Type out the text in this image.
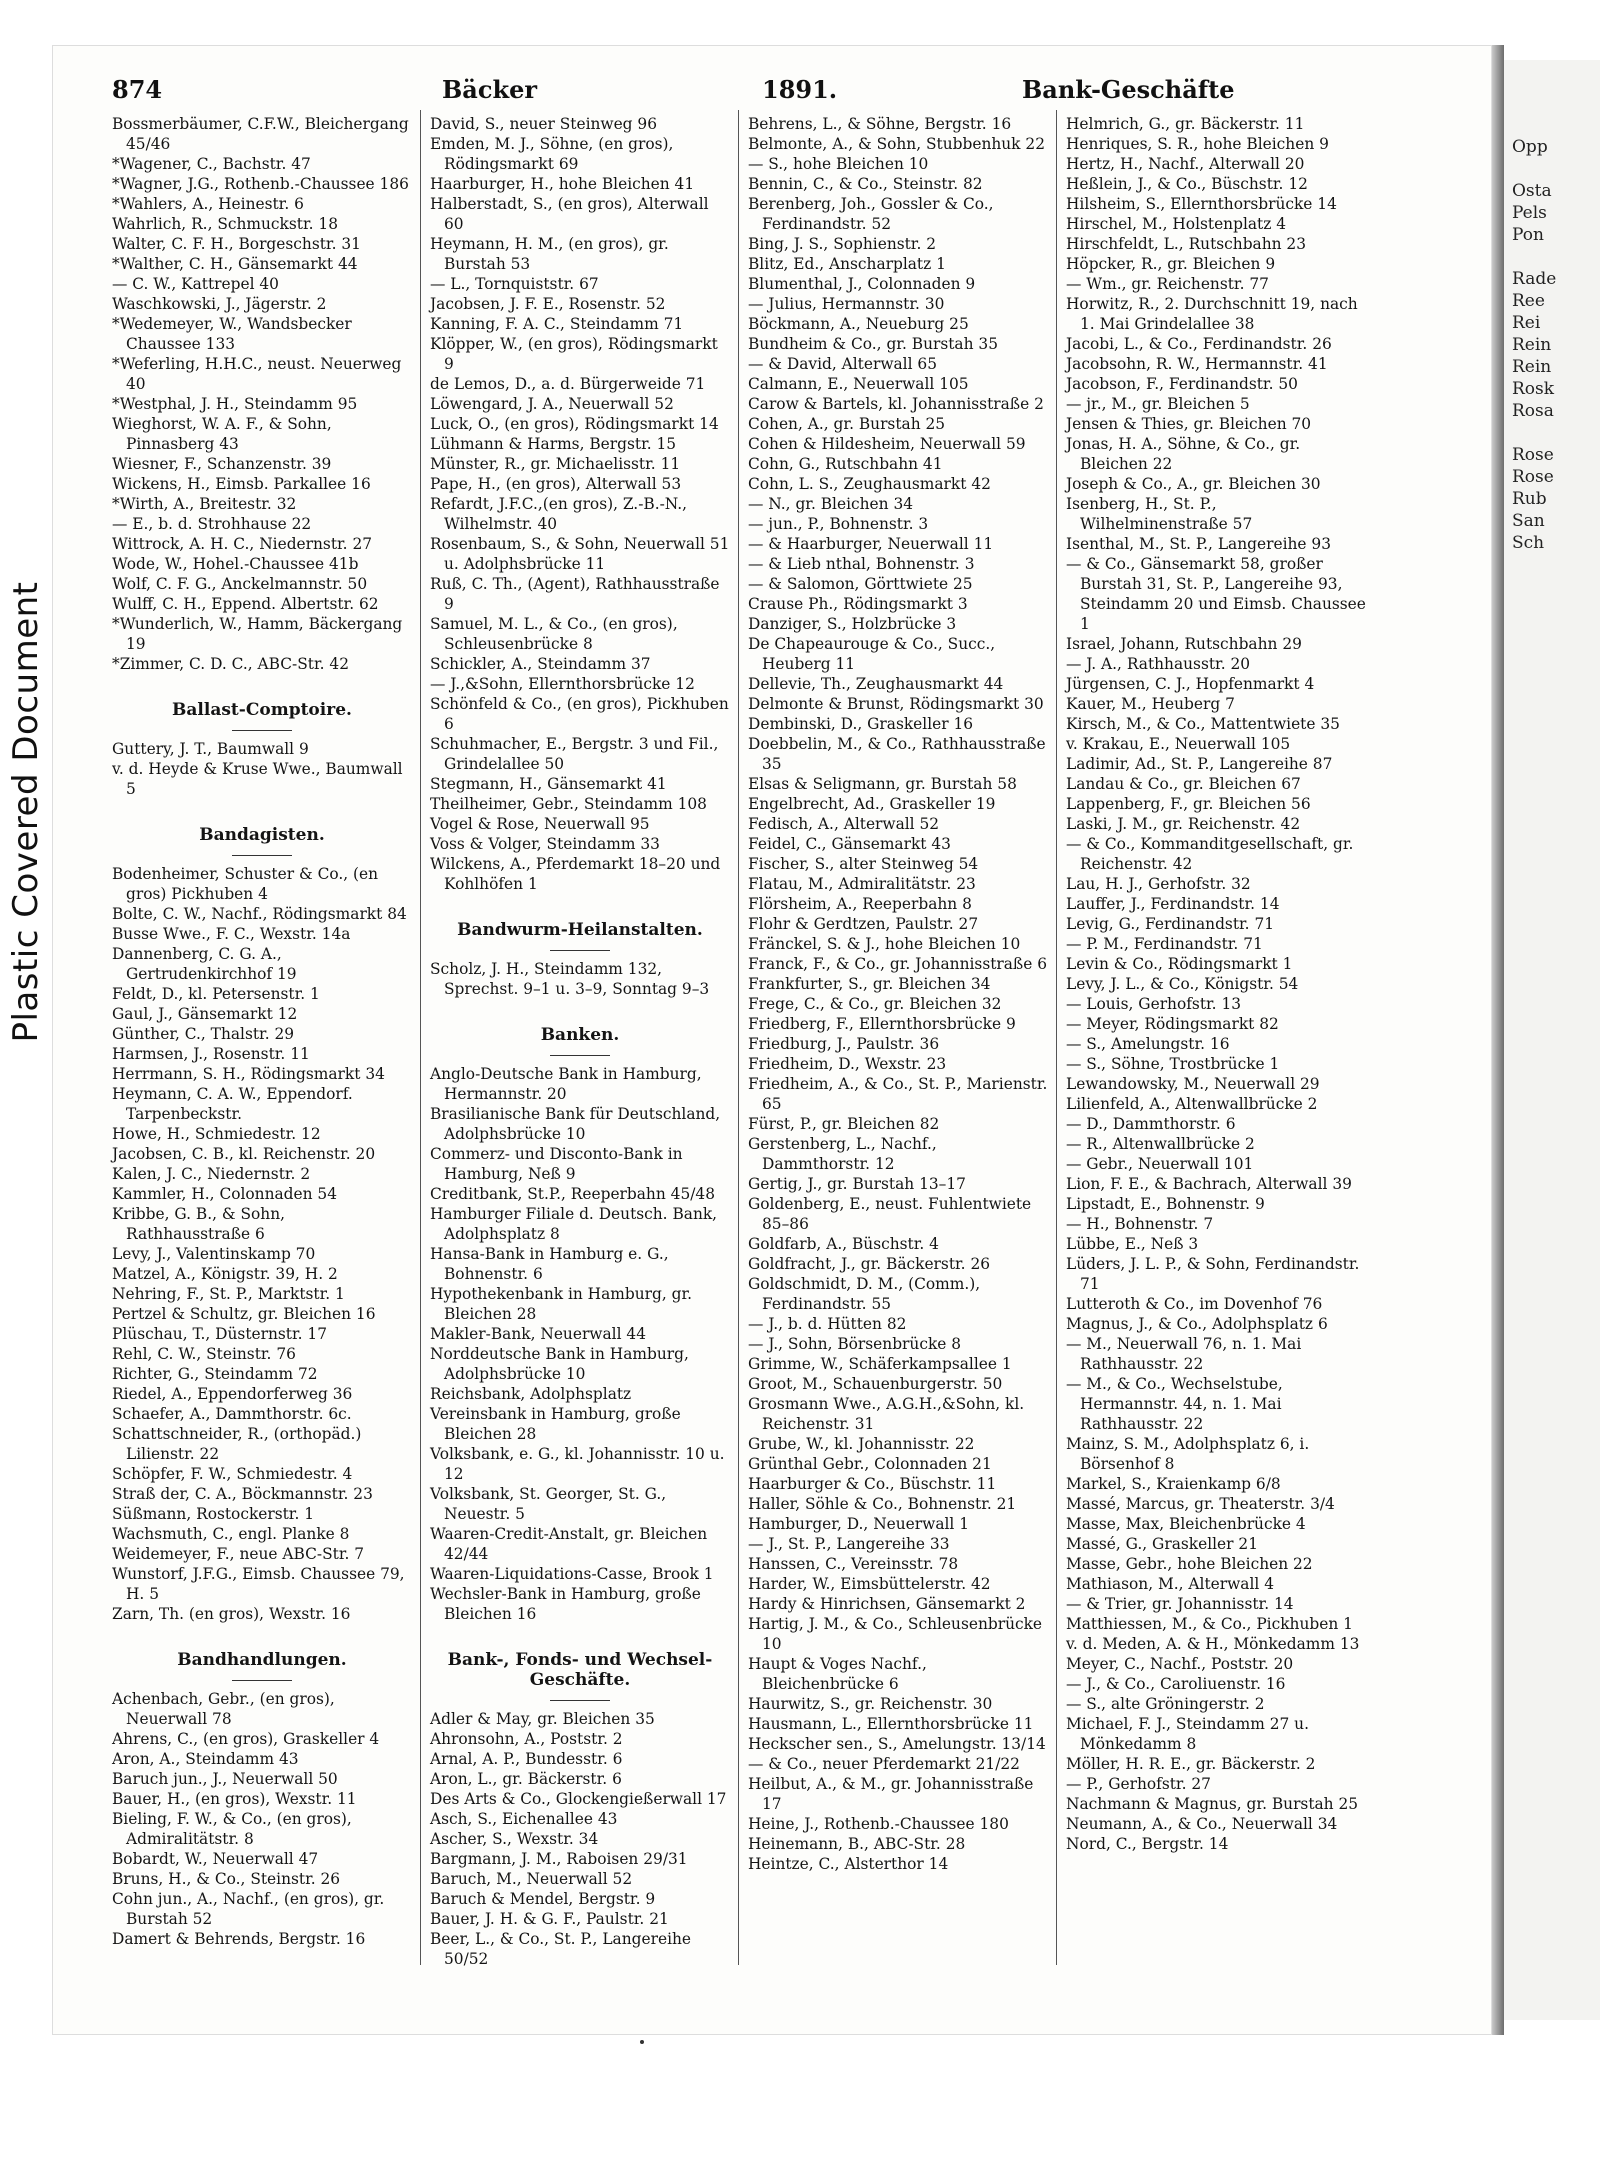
Plastic Covered Document
Opp

Osta
Pels
Pon

Rade
Ree
Rei
Rein
Rein
Rosk
Rosa

Rose
Rose
Rub
San
Sch
874	Bäcker	1891.	Bank-Geschäfte

Bossmerbäumer, C.F.W., Bleichergang 45/46

*Wagener, C., Bachstr. 47

*Wagner, J.G., Rothenb.-Chaussee 186

*Wahlers, A., Heinestr. 6

Wahrlich, R., Schmuckstr. 18

Walter, C. F. H., Borgeschstr. 31

*Walther, C. H., Gänsemarkt 44

— C. W., Kattrepel 40

Waschkowski, J., Jägerstr. 2

*Wedemeyer, W., Wandsbecker Chaussee 133

*Weferling, H.H.C., neust. Neuerweg 40

*Westphal, J. H., Steindamm 95

Wieghorst, W. A. F., & Sohn, Pinnasberg 43

Wiesner, F., Schanzenstr. 39

Wickens, H., Eimsb. Parkallee 16

*Wirth, A., Breitestr. 32

— E., b. d. Strohhause 22

Wittrock, A. H. C., Niedernstr. 27

Wode, W., Hohel.-Chaussee 41b

Wolf, C. F. G., Anckelmannstr. 50

Wulff, C. H., Eppend. Albertstr. 62

*Wunderlich, W., Hamm, Bäckergang 19

*Zimmer, C. D. C., ABC-Str. 42

Ballast-Comptoire.

Guttery, J. T., Baumwall 9

v. d. Heyde & Kruse Wwe., Baumwall 5

Bandagisten.

Bodenheimer, Schuster & Co., (en gros) Pickhuben 4

Bolte, C. W., Nachf., Rödingsmarkt 84

Busse Wwe., F. C., Wexstr. 14a

Dannenberg, C. G. A., Gertrudenkirchhof 19

Feldt, D., kl. Petersenstr. 1

Gaul, J., Gänsemarkt 12

Günther, C., Thalstr. 29

Harmsen, J., Rosenstr. 11

Herrmann, S. H., Rödingsmarkt 34

Heymann, C. A. W., Eppendorf. Tarpenbeckstr.

Howe, H., Schmiedestr. 12

Jacobsen, C. B., kl. Reichenstr. 20

Kalen, J. C., Niedernstr. 2

Kammler, H., Colonnaden 54

Kribbe, G. B., & Sohn, Rathhausstraße 6

Levy, J., Valentinskamp 70

Matzel, A., Königstr. 39, H. 2

Nehring, F., St. P., Marktstr. 1

Pertzel & Schultz, gr. Bleichen 16

Plüschau, T., Düsternstr. 17

Rehl, C. W., Steinstr. 76

Richter, G., Steindamm 72

Riedel, A., Eppendorferweg 36

Schaefer, A., Dammthorstr. 6c.

Schattschneider, R., (orthopäd.) Lilienstr. 22

Schöpfer, F. W., Schmiedestr. 4

Straß der, C. A., Böckmannstr. 23

Süßmann, Rostockerstr. 1

Wachsmuth, C., engl. Planke 8

Weidemeyer, F., neue ABC-Str. 7

Wunstorf, J.F.G., Eimsb. Chaussee 79, H. 5

Zarn, Th. (en gros), Wexstr. 16

Bandhandlungen.

Achenbach, Gebr., (en gros), Neuerwall 78

Ahrens, C., (en gros), Graskeller 4

Aron, A., Steindamm 43

Baruch jun., J., Neuerwall 50

Bauer, H., (en gros), Wexstr. 11

Bieling, F. W., & Co., (en gros), Admiralitätstr. 8

Bobardt, W., Neuerwall 47

Bruns, H., & Co., Steinstr. 26

Cohn jun., A., Nachf., (en gros), gr. Burstah 52

Damert & Behrends, Bergstr. 16

David, S., neuer Steinweg 96

Emden, M. J., Söhne, (en gros), Rödingsmarkt 69

Haarburger, H., hohe Bleichen 41

Halberstadt, S., (en gros), Alterwall 60

Heymann, H. M., (en gros), gr. Burstah 53

— L., Tornquiststr. 67

Jacobsen, J. F. E., Rosenstr. 52

Kanning, F. A. C., Steindamm 71

Klöpper, W., (en gros), Rödingsmarkt 9

de Lemos, D., a. d. Bürgerweide 71

Löwengard, J. A., Neuerwall 52

Luck, O., (en gros), Rödingsmarkt 14

Lühmann & Harms, Bergstr. 15

Münster, R., gr. Michaelisstr. 11

Pape, H., (en gros), Alterwall 53

Refardt, J.F.C.,(en gros), Z.-B.-N., Wilhelmstr. 40

Rosenbaum, S., & Sohn, Neuerwall 51 u. Adolphsbrücke 11

Ruß, C. Th., (Agent), Rathhausstraße 9

Samuel, M. L., & Co., (en gros), Schleusenbrücke 8

Schickler, A., Steindamm 37

— J.,&Sohn, Ellernthorsbrücke 12

Schönfeld & Co., (en gros), Pickhuben 6

Schuhmacher, E., Bergstr. 3 und Fil., Grindelallee 50

Stegmann, H., Gänsemarkt 41

Theilheimer, Gebr., Steindamm 108

Vogel & Rose, Neuerwall 95

Voss & Volger, Steindamm 33

Wilckens, A., Pferdemarkt 18–20 und Kohlhöfen 1

Bandwurm-Heilanstalten.

Scholz, J. H., Steindamm 132, Sprechst. 9–1 u. 3–9, Sonntag 9–3

Banken.

Anglo-Deutsche Bank in Hamburg, Hermannstr. 20

Brasilianische Bank für Deutschland, Adolphsbrücke 10

Commerz- und Disconto-Bank in Hamburg, Neß 9

Creditbank, St.P., Reeperbahn 45/48

Hamburger Filiale d. Deutsch. Bank, Adolphsplatz 8

Hansa-Bank in Hamburg e. G., Bohnenstr. 6

Hypothekenbank in Hamburg, gr. Bleichen 28

Makler-Bank, Neuerwall 44

Norddeutsche Bank in Hamburg, Adolphsbrücke 10

Reichsbank, Adolphsplatz

Vereinsbank in Hamburg, große Bleichen 28

Volksbank, e. G., kl. Johannisstr. 10 u. 12

Volksbank, St. Georger, St. G., Neuestr. 5

Waaren-Credit-Anstalt, gr. Bleichen 42/44

Waaren-Liquidations-Casse, Brook 1

Wechsler-Bank in Hamburg, große Bleichen 16

Bank-, Fonds- und Wechsel-Geschäfte.

Adler & May, gr. Bleichen 35

Ahronsohn, A., Poststr. 2

Arnal, A. P., Bundesstr. 6

Aron, L., gr. Bäckerstr. 6

Des Arts & Co., Glockengießerwall 17

Asch, S., Eichenallee 43

Ascher, S., Wexstr. 34

Bargmann, J. M., Raboisen 29/31

Baruch, M., Neuerwall 52

Baruch & Mendel, Bergstr. 9

Bauer, J. H. & G. F., Paulstr. 21

Beer, L., & Co., St. P., Langereihe 50/52

Behrens, L., & Söhne, Bergstr. 16

Belmonte, A., & Sohn, Stubbenhuk 22

— S., hohe Bleichen 10

Bennin, C., & Co., Steinstr. 82

Berenberg, Joh., Gossler & Co., Ferdinandstr. 52

Bing, J. S., Sophienstr. 2

Blitz, Ed., Anscharplatz 1

Blumenthal, J., Colonnaden 9

— Julius, Hermannstr. 30

Böckmann, A., Neueburg 25

Bundheim & Co., gr. Burstah 35

— & David, Alterwall 65

Calmann, E., Neuerwall 105

Carow & Bartels, kl. Johannisstraße 2

Cohen, A., gr. Burstah 25

Cohen & Hildesheim, Neuerwall 59

Cohn, G., Rutschbahn 41

Cohn, L. S., Zeughausmarkt 42

— N., gr. Bleichen 34

— jun., P., Bohnenstr. 3

— & Haarburger, Neuerwall 11

— & Lieb nthal, Bohnenstr. 3

— & Salomon, Görttwiete 25

Crause Ph., Rödingsmarkt 3

Danziger, S., Holzbrücke 3

De Chapeaurouge & Co., Succ., Heuberg 11

Dellevie, Th., Zeughausmarkt 44

Delmonte & Brunst, Rödingsmarkt 30

Dembinski, D., Graskeller 16

Doebbelin, M., & Co., Rathhausstraße 35

Elsas & Seligmann, gr. Burstah 58

Engelbrecht, Ad., Graskeller 19

Fedisch, A., Alterwall 52

Feidel, C., Gänsemarkt 43

Fischer, S., alter Steinweg 54

Flatau, M., Admiralitätstr. 23

Flörsheim, A., Reeperbahn 8

Flohr & Gerdtzen, Paulstr. 27

Fränckel, S. & J., hohe Bleichen 10

Franck, F., & Co., gr. Johannisstraße 6

Frankfurter, S., gr. Bleichen 34

Frege, C., & Co., gr. Bleichen 32

Friedberg, F., Ellernthorsbrücke 9

Friedburg, J., Paulstr. 36

Friedheim, D., Wexstr. 23

Friedheim, A., & Co., St. P., Marienstr. 65

Fürst, P., gr. Bleichen 82

Gerstenberg, L., Nachf., Dammthorstr. 12

Gertig, J., gr. Burstah 13–17

Goldenberg, E., neust. Fuhlentwiete 85–86

Goldfarb, A., Büschstr. 4

Goldfracht, J., gr. Bäckerstr. 26

Goldschmidt, D. M., (Comm.), Ferdinandstr. 55

— J., b. d. Hütten 82

— J., Sohn, Börsenbrücke 8

Grimme, W., Schäferkampsallee 1

Groot, M., Schauenburgerstr. 50

Grosmann Wwe., A.G.H.,&Sohn, kl. Reichenstr. 31

Grube, W., kl. Johannisstr. 22

Grünthal Gebr., Colonnaden 21

Haarburger & Co., Büschstr. 11

Haller, Söhle & Co., Bohnenstr. 21

Hamburger, D., Neuerwall 1

— J., St. P., Langereihe 33

Hanssen, C., Vereinsstr. 78

Harder, W., Eimsbüttelerstr. 42

Hardy & Hinrichsen, Gänsemarkt 2

Hartig, J. M., & Co., Schleusenbrücke 10

Haupt & Voges Nachf., Bleichenbrücke 6

Haurwitz, S., gr. Reichenstr. 30

Hausmann, L., Ellernthorsbrücke 11

Heckscher sen., S., Amelungstr. 13/14

— & Co., neuer Pferdemarkt 21/22

Heilbut, A., & M., gr. Johannisstraße 17

Heine, J., Rothenb.-Chaussee 180

Heinemann, B., ABC-Str. 28

Heintze, C., Alsterthor 14

Helmrich, G., gr. Bäckerstr. 11

Henriques, S. R., hohe Bleichen 9

Hertz, H., Nachf., Alterwall 20

Heßlein, J., & Co., Büschstr. 12

Hilsheim, S., Ellernthorsbrücke 14

Hirschel, M., Holstenplatz 4

Hirschfeldt, L., Rutschbahn 23

Höpcker, R., gr. Bleichen 9

— Wm., gr. Reichenstr. 77

Horwitz, R., 2. Durchschnitt 19, nach 1. Mai Grindelallee 38

Jacobi, L., & Co., Ferdinandstr. 26

Jacobsohn, R. W., Hermannstr. 41

Jacobson, F., Ferdinandstr. 50

— jr., M., gr. Bleichen 5

Jensen & Thies, gr. Bleichen 70

Jonas, H. A., Söhne, & Co., gr. Bleichen 22

Joseph & Co., A., gr. Bleichen 30

Isenberg, H., St. P., Wilhelminenstraße 57

Isenthal, M., St. P., Langereihe 93

— & Co., Gänsemarkt 58, großer Burstah 31, St. P., Langereihe 93, Steindamm 20 und Eimsb. Chaussee 1

Israel, Johann, Rutschbahn 29

— J. A., Rathhausstr. 20

Jürgensen, C. J., Hopfenmarkt 4

Kauer, M., Heuberg 7

Kirsch, M., & Co., Mattentwiete 35

v. Krakau, E., Neuerwall 105

Ladimir, Ad., St. P., Langereihe 87

Landau & Co., gr. Bleichen 67

Lappenberg, F., gr. Bleichen 56

Laski, J. M., gr. Reichenstr. 42

— & Co., Kommanditgesellschaft, gr. Reichenstr. 42

Lau, H. J., Gerhofstr. 32

Lauffer, J., Ferdinandstr. 14

Levig, G., Ferdinandstr. 71

— P. M., Ferdinandstr. 71

Levin & Co., Rödingsmarkt 1

Levy, J. L., & Co., Königstr. 54

— Louis, Gerhofstr. 13

— Meyer, Rödingsmarkt 82

— S., Amelungstr. 16

— S., Söhne, Trostbrücke 1

Lewandowsky, M., Neuerwall 29

Lilienfeld, A., Altenwallbrücke 2

— D., Dammthorstr. 6

— R., Altenwallbrücke 2

— Gebr., Neuerwall 101

Lion, F. E., & Bachrach, Alterwall 39

Lipstadt, E., Bohnenstr. 9

— H., Bohnenstr. 7

Lübbe, E., Neß 3

Lüders, J. L. P., & Sohn, Ferdinandstr. 71

Lutteroth & Co., im Dovenhof 76

Magnus, J., & Co., Adolphsplatz 6

— M., Neuerwall 76, n. 1. Mai Rathhausstr. 22

— M., & Co., Wechselstube, Hermannstr. 44, n. 1. Mai Rathhausstr. 22

Mainz, S. M., Adolphsplatz 6, i. Börsenhof 8

Markel, S., Kraienkamp 6/8

Massé, Marcus, gr. Theaterstr. 3/4

Masse, Max, Bleichenbrücke 4

Massé, G., Graskeller 21

Masse, Gebr., hohe Bleichen 22

Mathiason, M., Alterwall 4

— & Trier, gr. Johannisstr. 14

Matthiessen, M., & Co., Pickhuben 1

v. d. Meden, A. & H., Mönkedamm 13

Meyer, C., Nachf., Poststr. 20

— J., & Co., Caroliuenstr. 16

— S., alte Gröningerstr. 2

Michael, F. J., Steindamm 27 u. Mönkedamm 8

Möller, H. R. E., gr. Bäckerstr. 2

— P., Gerhofstr. 27

Nachmann & Magnus, gr. Burstah 25

Neumann, A., & Co., Neuerwall 34

Nord, C., Bergstr. 14
